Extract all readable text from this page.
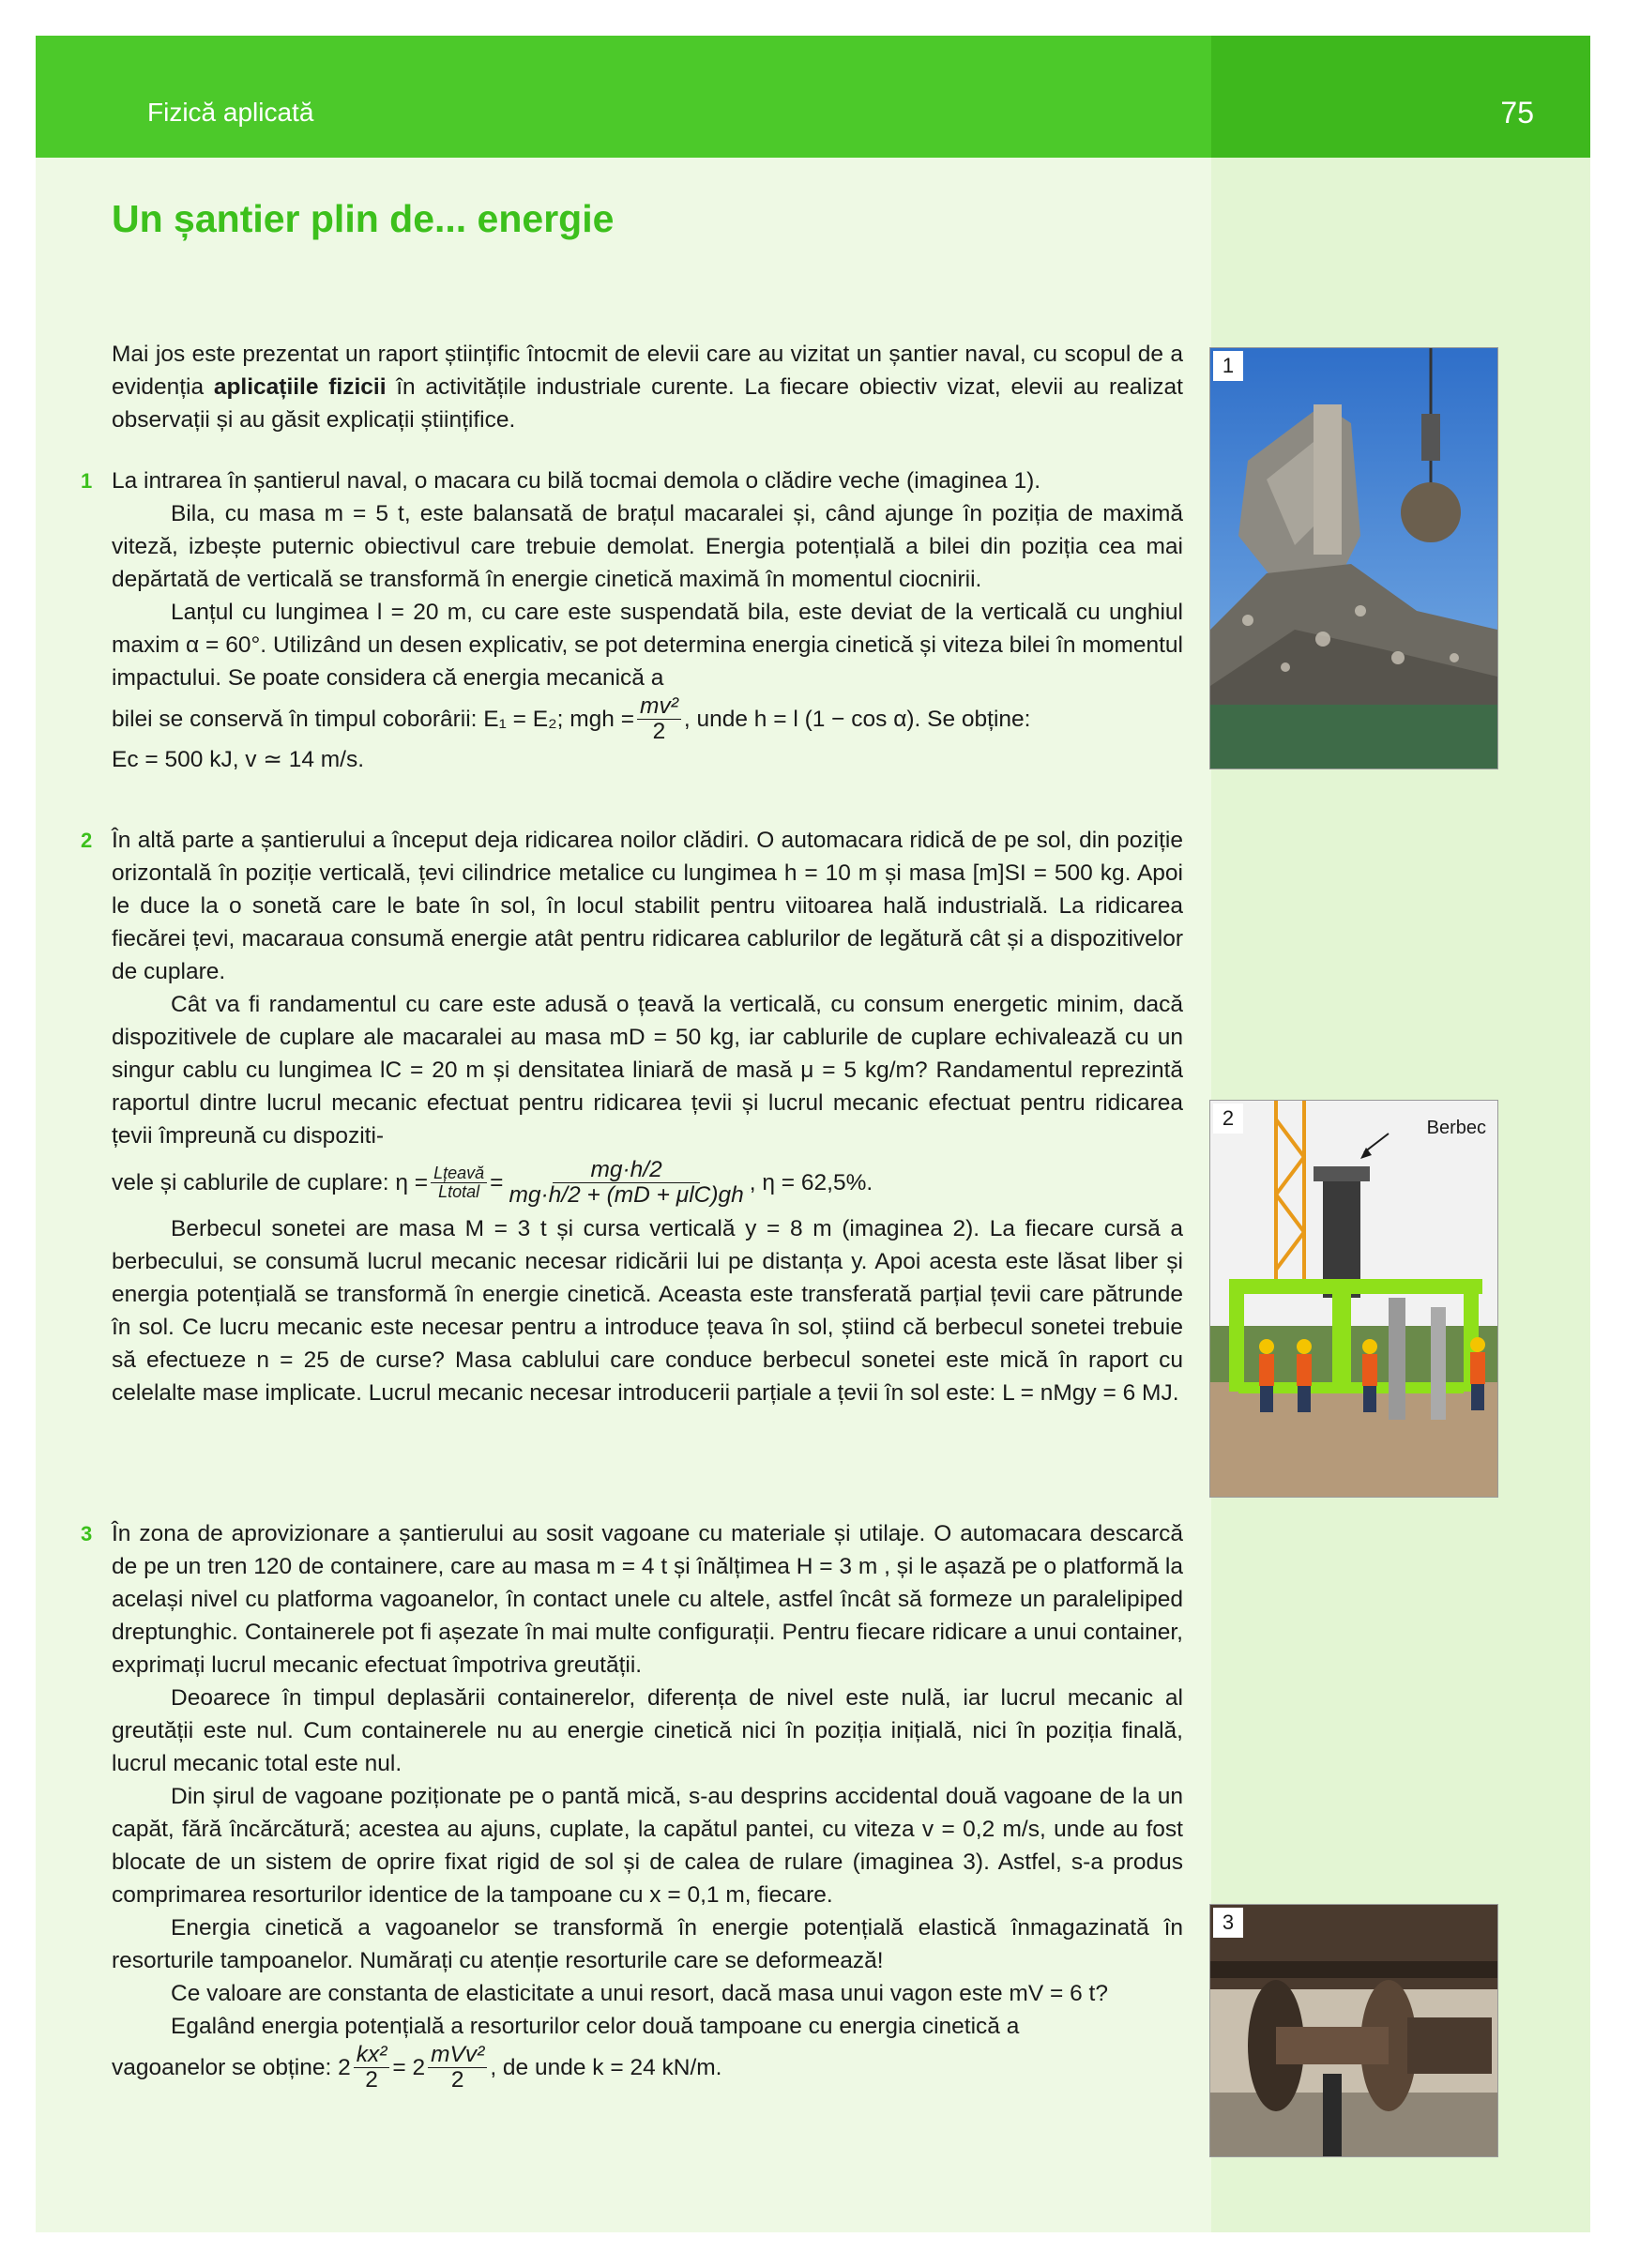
Fizică aplicată	75
Un șantier plin de... energie

Mai jos este prezentat un raport științific întocmit de elevii care au vizitat un șantier naval, cu scopul de a evidenția aplicațiile fizicii în activitățile industriale curente. La fiecare obiectiv vizat, elevii au realizat observații și au găsit explicații științifice.

1 La intrarea în șantierul naval, o macara cu bilă tocmai demola o clădire veche (imaginea 1).

Bila, cu masa m = 5 t, este balansată de brațul macaralei și, când ajunge în poziția de maximă viteză, izbește puternic obiectivul care trebuie demolat. Energia potențială a bilei din poziția cea mai depărtată de verticală se transformă în energie cinetică maximă în momentul ciocnirii.

Lanțul cu lungimea l = 20 m, cu care este suspendată bila, este deviat de la verticală cu unghiul maxim α = 60°. Utilizând un desen explicativ, se pot determina energia cinetică și viteza bilei în momentul impactului. Se poate considera că energia mecanică a

bilei se conservă în timpul coborârii: E₁ = E₂; mgh = $\frac{\text{mv²}}{2}$ , unde h = l (1 − cos α). Se obține:

Ec = 500 kJ, v ≃ 14 m/s.

2 În altă parte a șantierului a început deja ridicarea noilor clădiri. O automacara ridică de pe sol, din poziție orizontală în poziție verticală, țevi cilindrice metalice cu lungimea h = 10 m și masa [m]SI = 500 kg. Apoi le duce la o sonetă care le bate în sol, în locul stabilit pentru viitoarea hală industrială. La ridicarea fiecărei țevi, macaraua consumă energie atât pentru ridicarea cablurilor de legătură cât și a dispozitivelor de cuplare.

Cât va fi randamentul cu care este adusă o țeavă la verticală, cu consum energetic minim, dacă dispozitivele de cuplare ale macaralei au masa mD = 50 kg, iar cablurile de cuplare echivalează cu un singur cablu cu lungimea lC = 20 m și densitatea liniară de masă μ = 5 kg/m? Randamentul reprezintă raportul dintre lucrul mecanic efectuat pentru ridicarea țevii și lucrul mecanic efectuat pentru ridicarea țevii împreună cu dispoziti-

vele și cablurile de cuplare: $\eta = \frac{\text{Lțeavă}}{\text{Ltotal}} = \frac{mg\cdot h/2}{\text{mg·h/2 + (mD + μlC)gh}}$ , η = 62,5%.

Berbecul sonetei are masa M = 3 t și cursa verticală y = 8 m (imaginea 2). La fiecare cursă a berbecului, se consumă lucrul mecanic necesar ridicării lui pe distanța y. Apoi acesta este lăsat liber și energia potențială se transformă în energie cinetică. Aceasta este transferată parțial țevii care pătrunde în sol. Ce lucru mecanic este necesar pentru a introduce țeava în sol, știind că berbecul sonetei trebuie să efectueze n = 25 de curse? Masa cablului care conduce berbecul sonetei este mică în raport cu celelalte mase implicate. Lucrul mecanic necesar introducerii parțiale a țevii în sol este: L = nMgy = 6 MJ.

3 În zona de aprovizionare a șantierului au sosit vagoane cu materiale și utilaje. O automacara descarcă de pe un tren 120 de containere, care au masa m = 4 t și înălțimea H = 3 m , și le așază pe o platformă la același nivel cu platforma vagoanelor, în contact unele cu altele, astfel încât să formeze un paralelipiped dreptunghic. Containerele pot fi așezate în mai multe configurații. Pentru fiecare ridicare a unui container, exprimați lucrul mecanic efectuat împotriva greutății.

Deoarece în timpul deplasării containerelor, diferența de nivel este nulă, iar lucrul mecanic al greutății este nul. Cum containerele nu au energie cinetică nici în poziția inițială, nici în poziția finală, lucrul mecanic total este nul.

Din șirul de vagoane poziționate pe o pantă mică, s-au desprins accidental două vagoane de la un capăt, fără încărcătură; acestea au ajuns, cuplate, la capătul pantei, cu viteza v = 0,2 m/s, unde au fost blocate de un sistem de oprire fixat rigid de sol și de calea de rulare (imaginea 3). Astfel, s-a produs comprimarea resorturilor identice de la tampoane cu x = 0,1 m, fiecare.

Energia cinetică a vagoanelor se transformă în energie potențială elastică înmagazinată în resorturile tampoanelor. Numărați cu atenție resorturile care se deformează!

Ce valoare are constanta de elasticitate a unui resort, dacă masa unui vagon este mV = 6 t?

Egalând energia potențială a resorturilor celor două tampoane cu energia cinetică a

vagoanelor se obține: $2 \frac{\text{kx²}}{2} = 2 \frac{\text{mVv²}}{2}$ , de unde k = 24 kN/m.
1
2	Berbec
3
